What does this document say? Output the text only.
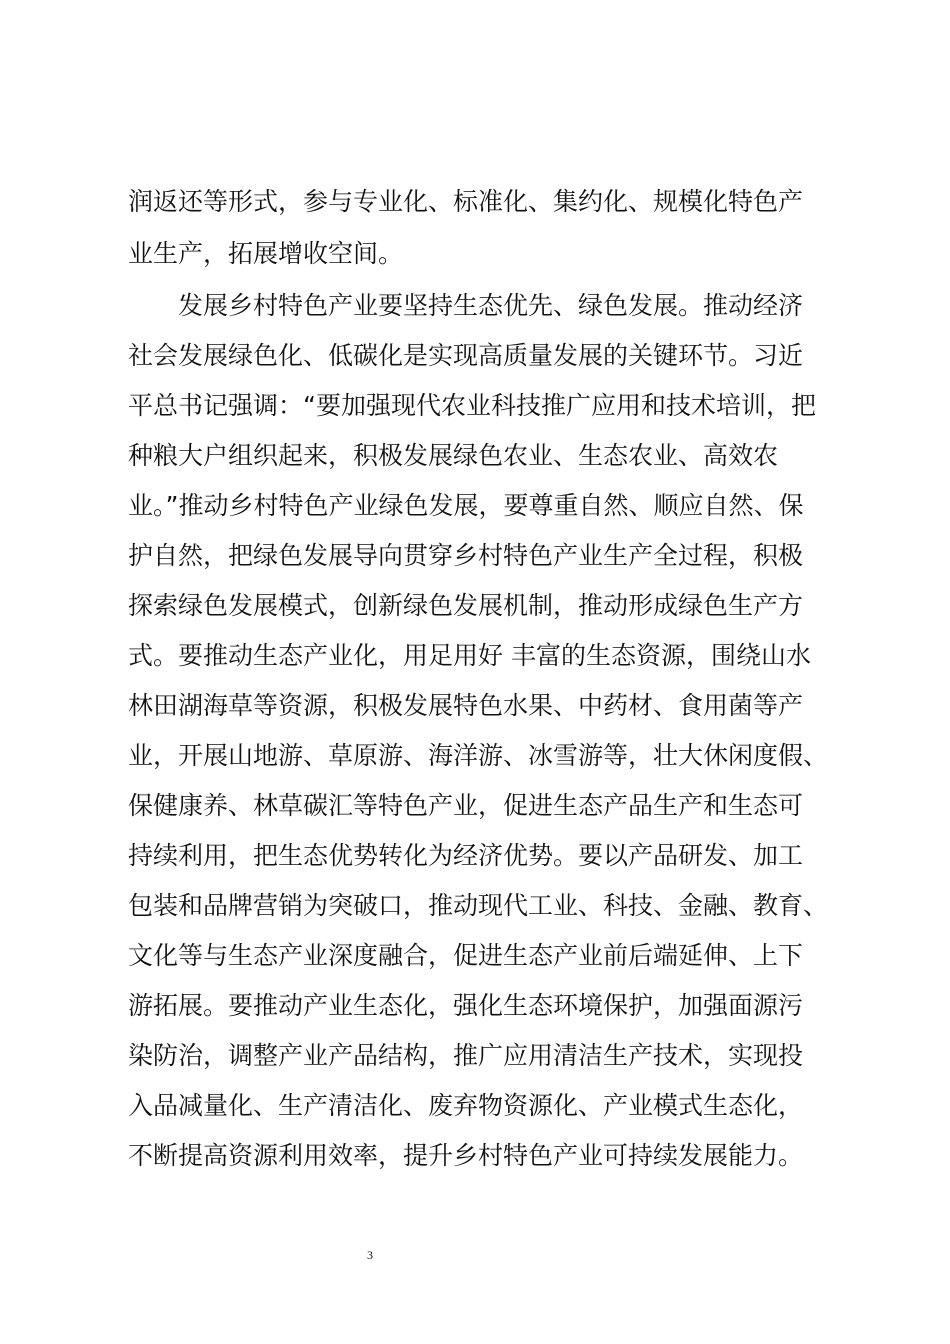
润返还等形式，参与专业化、标准化、集约化、规模化特色产
业生产，拓展增收空间。
　　发展乡村特色产业要坚持生态优先、绿色发展。推动经济
社会发展绿色化、低碳化是实现高质量发展的关键环节。习近
平总书记强调：“要加强现代农业科技推广应用和技术培训，把
种粮大户组织起来，积极发展绿色农业、生态农业、高效农
业。”推动乡村特色产业绿色发展，要尊重自然、顺应自然、保
护自然，把绿色发展导向贯穿乡村特色产业生产全过程，积极
探索绿色发展模式，创新绿色发展机制，推动形成绿色生产方
式。要推动生态产业化，用足用好 丰富的生态资源，围绕山水
林田湖海草等资源，积极发展特色水果、中药材、食用菌等产
业，开展山地游、草原游、海洋游、冰雪游等，壮大休闲度假、
保健康养、林草碳汇等特色产业，促进生态产品生产和生态可
持续利用，把生态优势转化为经济优势。要以产品研发、加工
包装和品牌营销为突破口，推动现代工业、科技、金融、教育、
文化等与生态产业深度融合，促进生态产业前后端延伸、上下
游拓展。要推动产业生态化，强化生态环境保护，加强面源污
染防治，调整产业产品结构，推广应用清洁生产技术，实现投
入品减量化、生产清洁化、废弃物资源化、产业模式生态化，
不断提高资源利用效率，提升乡村特色产业可持续发展能力。
3
